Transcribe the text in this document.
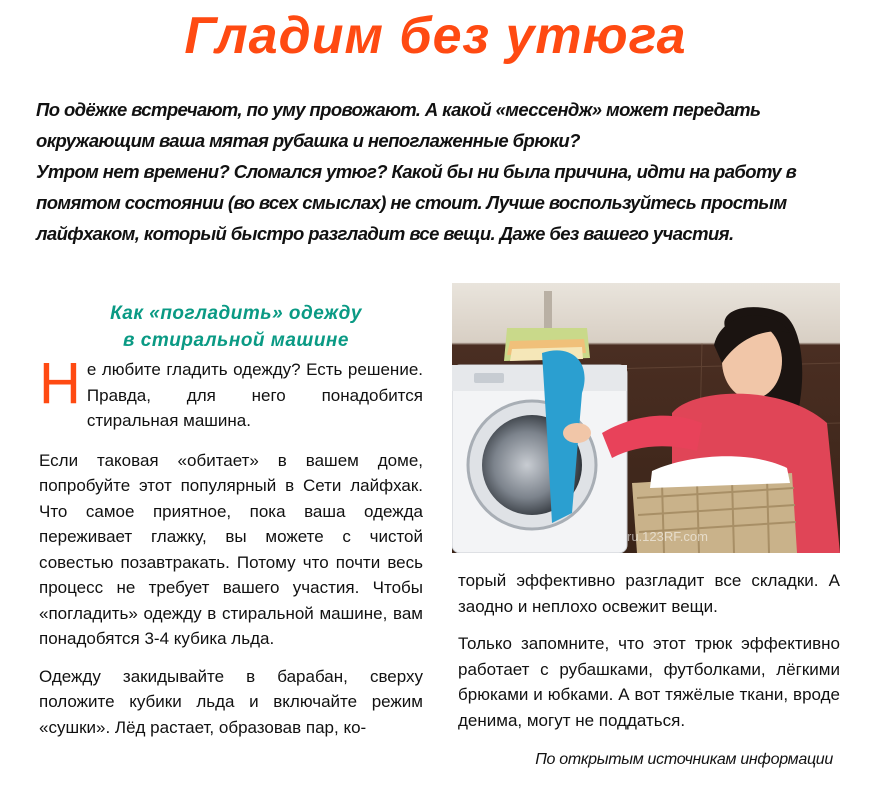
Гладим без утюга

По одёжке встречают, по уму провожают. А какой «мессендж» может передать окружающим ваша мятая рубашка и непоглаженные брюки?

Утром нет времени? Сломался утюг? Какой бы ни была причина, идти на работу в помятом состоянии (во всех смыслах) не стоит. Лучше воспользуйтесь простым лайфхаком, который быстро разгладит все вещи. Даже без вашего участия.

Как «погладить» одежду
в стиральной машине

Не любите гладить одежду? Есть решение. Правда, для него понадобится стиральная машина.

Если таковая «обитает» в вашем доме, попробуйте этот популярный в Сети лайфхак. Что самое приятное, пока ваша одежда переживает глажку, вы можете с чистой совестью позавтракать. Потому что почти весь процесс не требует вашего участия. Чтобы «погладить» одежду в стиральной машине, вам понадобятся 3-4 кубика льда.

Одежду закидывайте в барабан, сверху положите кубики льда и включайте режим «сушки». Лёд растает, образовав пар, ко-

ru.123RF.com

торый эффективно разгладит все складки. А заодно и неплохо освежит вещи.

Только запомните, что этот трюк эффективно работает с рубашками, футболками, лёгкими брюками и юбками. А вот тяжёлые ткани, вроде денима, могут не поддаться.

По открытым источникам информации
